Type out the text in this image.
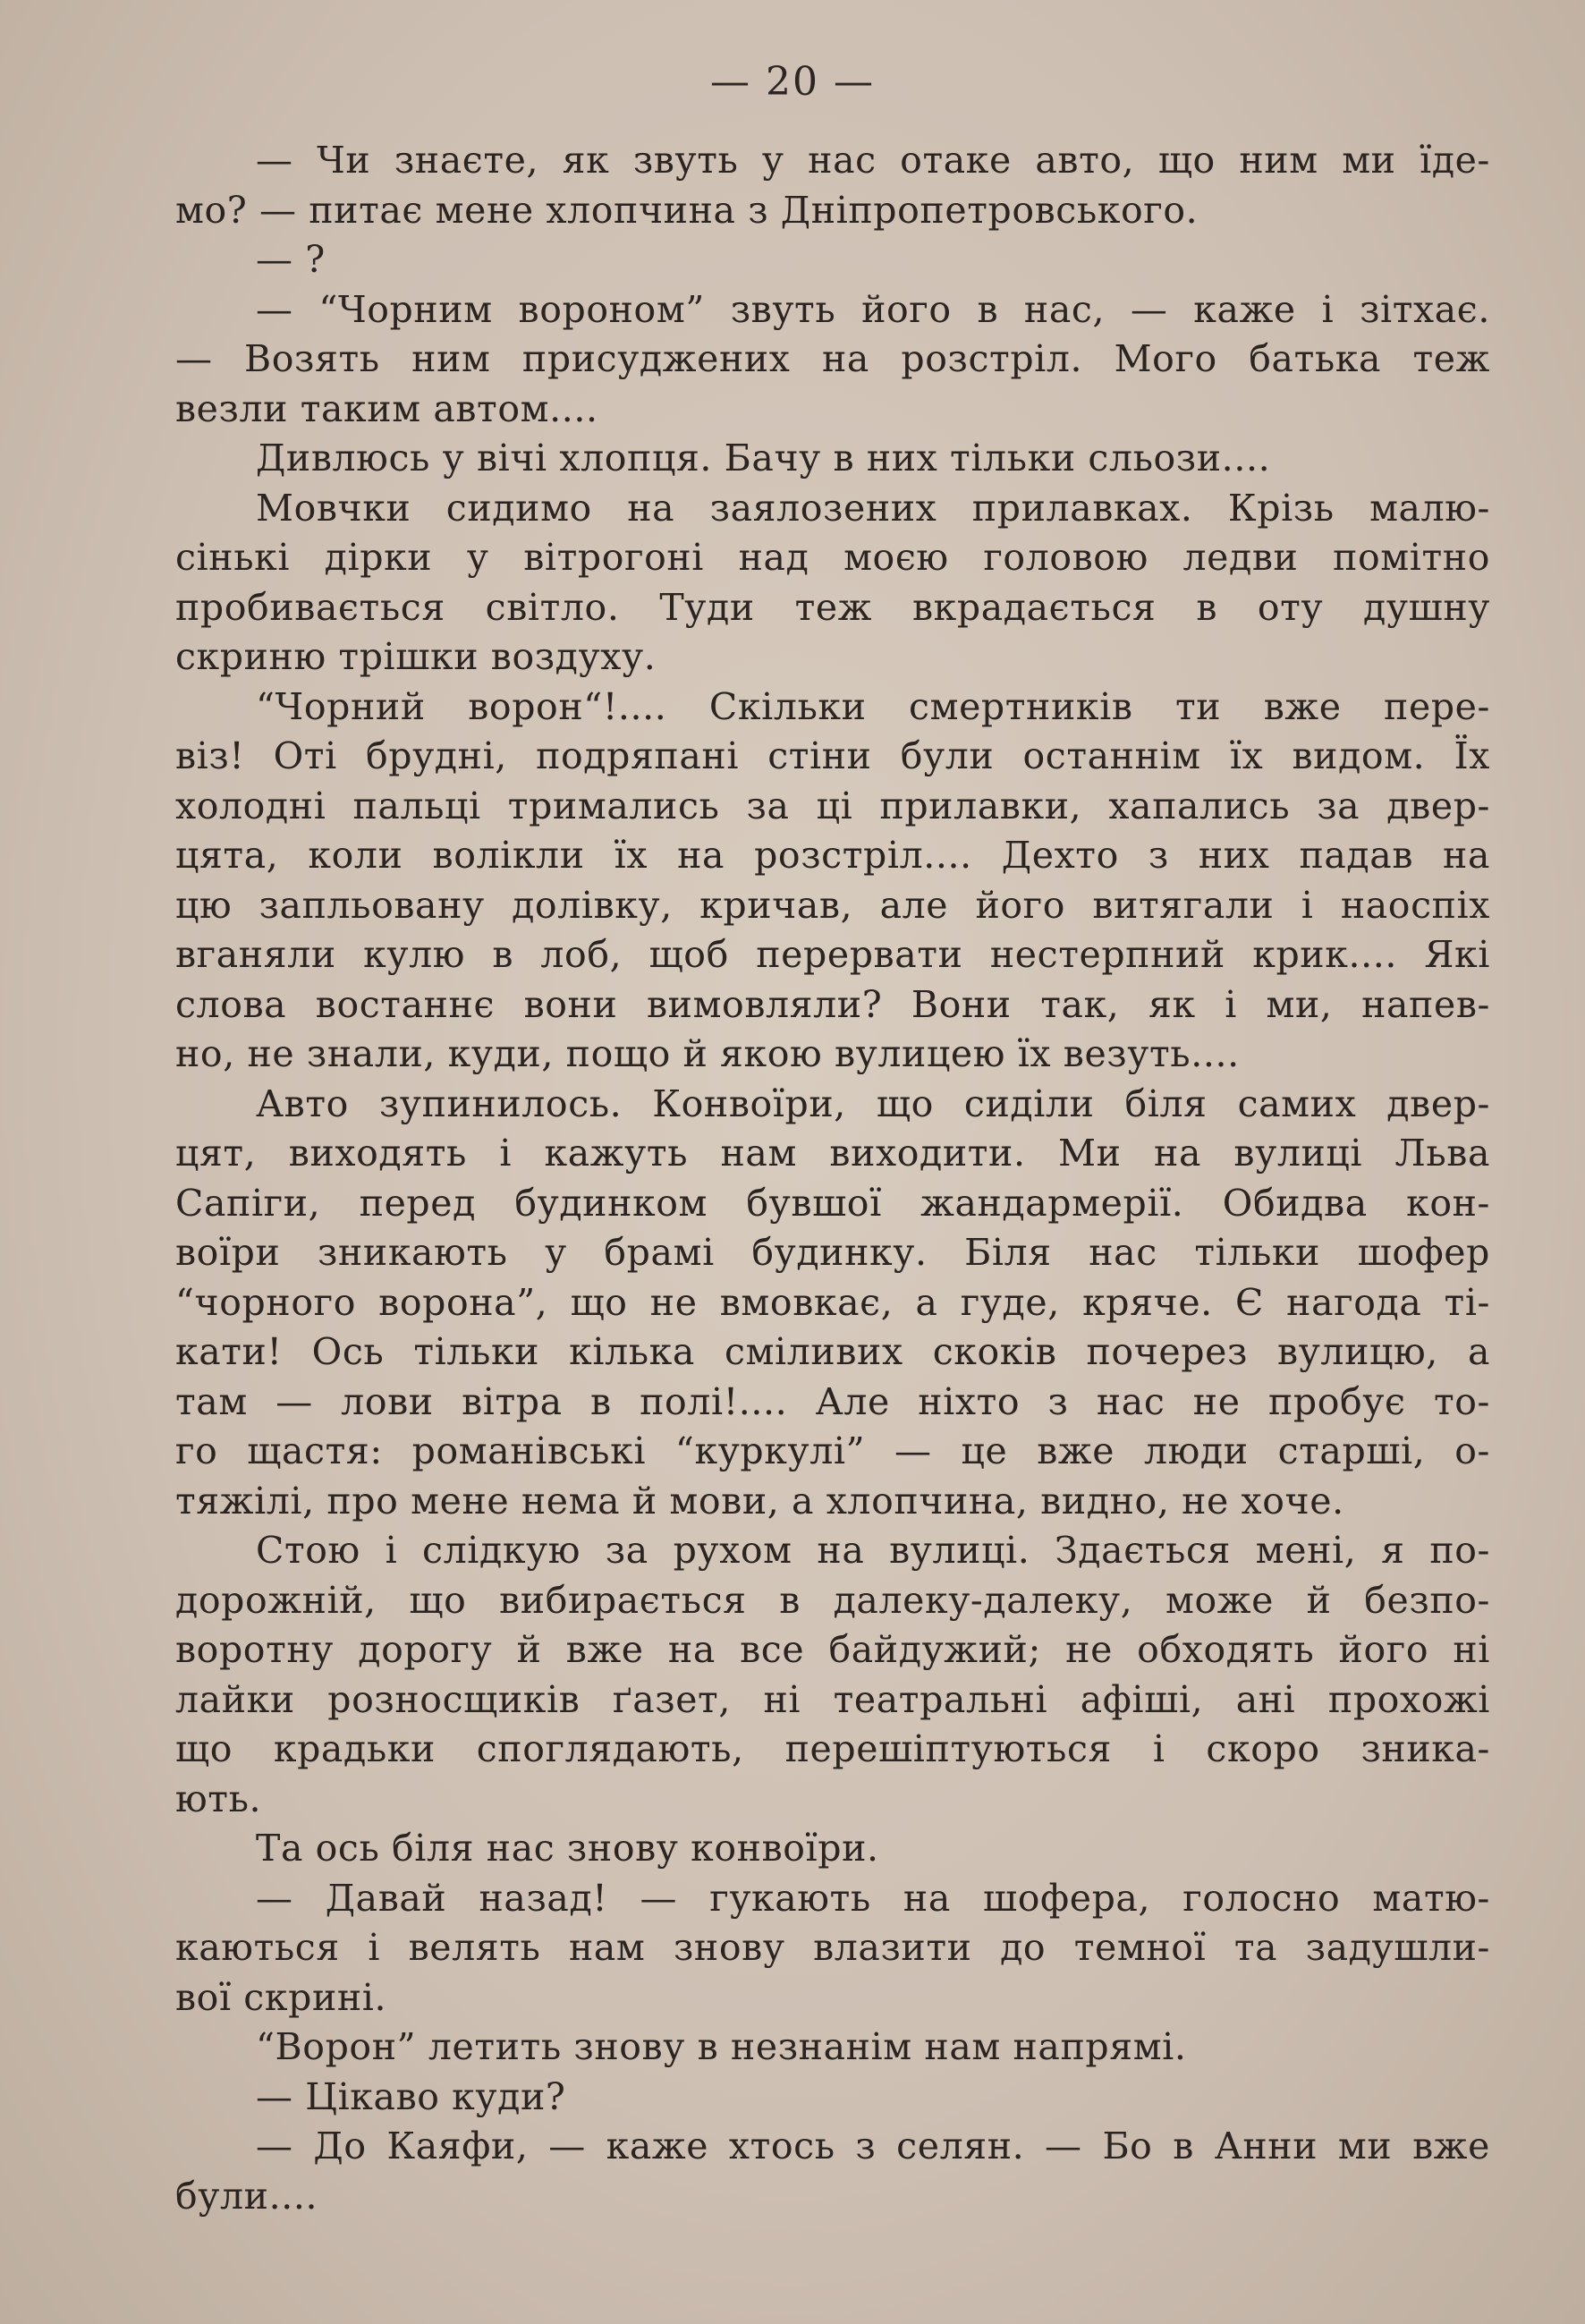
— 20 —
— Чи знаєте, як звуть у нас отаке авто, що ним ми їде-
мо? — питає мене хлопчина з Дніпропетровського.
— ?
— “Чорним вороном” звуть його в нас, — каже і зітхає.
— Возять ним присуджених на розстріл. Мого батька теж
везли таким автом....
Дивлюсь у вічі хлопця. Бачу в них тільки сльози....
Мовчки сидимо на заялозених прилавках. Крізь малю-
сінькі дірки у вітрогоні над моєю головою ледви помітно
пробивається світло. Туди теж вкрадається в оту душну
скриню трішки воздуху.
“Чорний ворон“!.... Скільки смертників ти вже пере-
віз! Оті брудні, подряпані стіни були останнім їх видом. Їх
холодні пальці трималиcь за ці прилавки, хапались за двер-
цята, коли волікли їх на розстріл.... Дехто з них падав на
цю запльовану долівку, кричав, але його витягали і наоспіх
вганяли кулю в лоб, щоб перервати нестерпний крик.... Які
слова востаннє вони вимовляли? Вони так, як і ми, напев-
но, не знали, куди, пощо й якою вулицею їх везуть....
Авто зупинилось. Конвоїри, що сиділи біля самих двер-
цят, виходять і кажуть нам виходити. Ми на вулиці Льва
Сапіги, перед будинком бувшої жандармерії. Обидва кон-
воїри зникають у брамі будинку. Біля нас тільки шофер
“чорного ворона”, що не вмовкає, а гуде, кряче. Є нагода ті-
кати! Ось тільки кілька сміливих скоків почерез вулицю, а
там — лови вітра в полі!.... Але ніхто з нас не пробує то-
го щастя: романівські “куркулі” — це вже люди старші, о-
тяжілі, про мене нема й мови, а хлопчина, видно, не хоче.
Стою і слідкую за рухом на вулиці. Здається мені, я по-
дорожній, що вибирається в далеку-далеку, може й безпо-
воротну дорогу й вже на все байдужий; не обходять його ні
лайки розносщиків ґазет, ні театральні афіші, ані прохожі
що крадьки споглядають, перешіптуються і скоро зника-
ють.
Та ось біля нас знову конвоїри.
— Давай назад! — гукають на шофера, голосно матю-
каються і велять нам знову влазити до темної та задушли-
вої скрині.
“Ворон” летить знову в незнанім нам напрямі.
— Цікаво куди?
— До Каяфи, — каже хтось з селян. — Бо в Анни ми вже
були....
